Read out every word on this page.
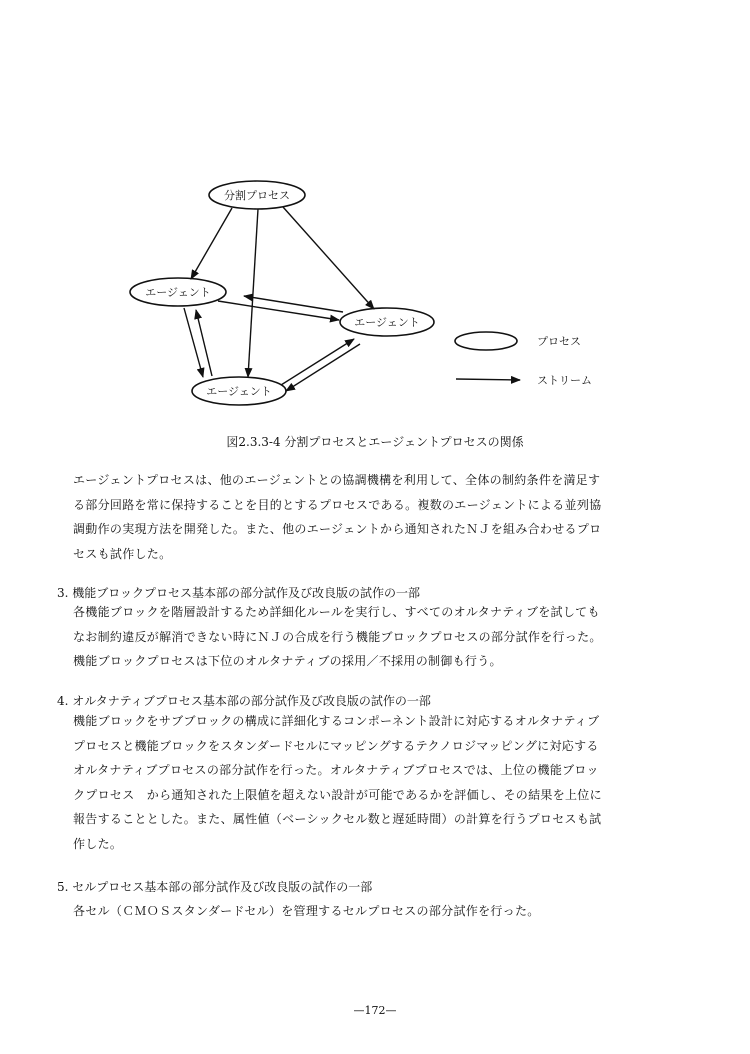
分割プロセス
エージェント
エージェント
エージェント
プロセス
ストリーム
図2.3.3-4 分割プロセスとエージェントプロセスの関係
エージェントプロセスは、他のエージェントとの協調機構を利用して、全体の制約条件を満足す
る部分回路を常に保持することを目的とするプロセスである。複数のエージェントによる並列協
調動作の実現方法を開発した。また、他のエージェントから通知されたＮＪを組み合わせるプロ
セスも試作した。
3. 機能ブロックプロセス基本部の部分試作及び改良版の試作の一部
各機能ブロックを階層設計するため詳細化ルールを実行し、すべてのオルタナティブを試しても
なお制約違反が解消できない時にＮＪの合成を行う機能ブロックプロセスの部分試作を行った。
機能ブロックプロセスは下位のオルタナティブの採用／不採用の制御も行う。
4. オルタナティブプロセス基本部の部分試作及び改良版の試作の一部
機能ブロックをサブブロックの構成に詳細化するコンポーネント設計に対応するオルタナティブ
プロセスと機能ブロックをスタンダードセルにマッピングするテクノロジマッピングに対応する
オルタナティブプロセスの部分試作を行った。オルタナティブプロセスでは、上位の機能ブロッ
クプロセス　から通知された上限値を超えない設計が可能であるかを評価し、その結果を上位に
報告することとした。また、属性値（ベーシックセル数と遅延時間）の計算を行うプロセスも試
作した。
5. セルプロセス基本部の部分試作及び改良版の試作の一部
各セル（ＣＭＯＳスタンダードセル）を管理するセルプロセスの部分試作を行った。
—172—
